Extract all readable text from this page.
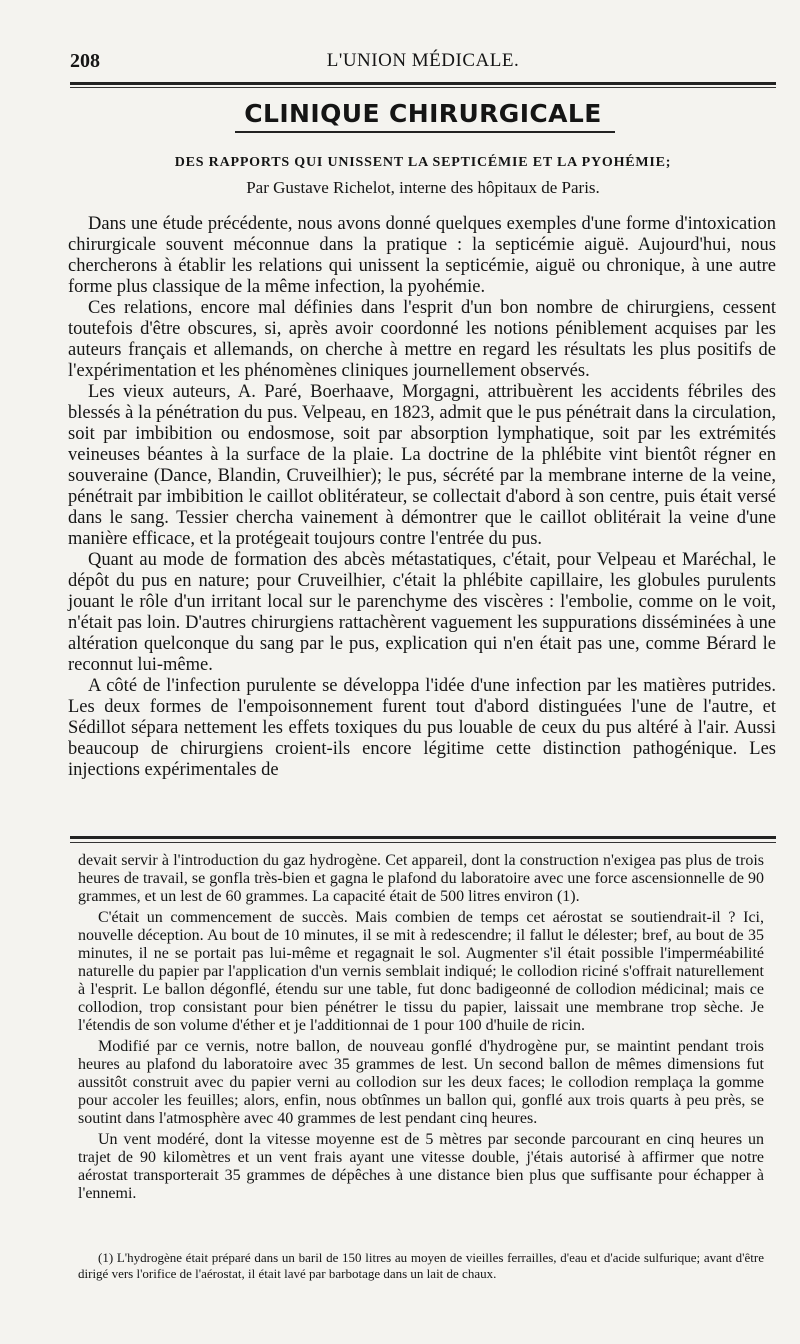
208	L'UNION MÉDICALE.
CLINIQUE CHIRURGICALE
DES RAPPORTS QUI UNISSENT LA SEPTICÉMIE ET LA PYOHÉMIE;
Par Gustave Richelot, interne des hôpitaux de Paris.

Dans une étude précédente, nous avons donné quelques exemples d'une forme d'intoxication chirurgicale souvent méconnue dans la pratique : la septicémie aiguë. Aujourd'hui, nous chercherons à établir les relations qui unissent la septicémie, aiguë ou chronique, à une autre forme plus classique de la même infection, la pyohémie.

Ces relations, encore mal définies dans l'esprit d'un bon nombre de chirurgiens, cessent toutefois d'être obscures, si, après avoir coordonné les notions péniblement acquises par les auteurs français et allemands, on cherche à mettre en regard les résultats les plus positifs de l'expérimentation et les phénomènes cliniques journellement observés.

Les vieux auteurs, A. Paré, Boerhaave, Morgagni, attribuèrent les accidents fébriles des blessés à la pénétration du pus. Velpeau, en 1823, admit que le pus pénétrait dans la circulation, soit par imbibition ou endosmose, soit par absorption lymphatique, soit par les extrémités veineuses béantes à la surface de la plaie. La doctrine de la phlébite vint bientôt régner en souveraine (Dance, Blandin, Cruveilhier); le pus, sécrété par la membrane interne de la veine, pénétrait par imbibition le caillot oblitérateur, se collectait d'abord à son centre, puis était versé dans le sang. Tessier chercha vainement à démontrer que le caillot oblitérait la veine d'une manière efficace, et la protégeait toujours contre l'entrée du pus.

Quant au mode de formation des abcès métastatiques, c'était, pour Velpeau et Maréchal, le dépôt du pus en nature; pour Cruveilhier, c'était la phlébite capillaire, les globules purulents jouant le rôle d'un irritant local sur le parenchyme des viscères : l'embolie, comme on le voit, n'était pas loin. D'autres chirurgiens rattachèrent vaguement les suppurations disséminées à une altération quelconque du sang par le pus, explication qui n'en était pas une, comme Bérard le reconnut lui-même.

A côté de l'infection purulente se développa l'idée d'une infection par les matières putrides. Les deux formes de l'empoisonnement furent tout d'abord distinguées l'une de l'autre, et Sédillot sépara nettement les effets toxiques du pus louable de ceux du pus altéré à l'air. Aussi beaucoup de chirurgiens croient-ils encore légitime cette distinction pathogénique. Les injections expérimentales de

devait servir à l'introduction du gaz hydrogène. Cet appareil, dont la construction n'exigea pas plus de trois heures de travail, se gonfla très-bien et gagna le plafond du laboratoire avec une force ascensionnelle de 90 grammes, et un lest de 60 grammes. La capacité était de 500 litres environ (1).

C'était un commencement de succès. Mais combien de temps cet aérostat se soutiendrait-il ? Ici, nouvelle déception. Au bout de 10 minutes, il se mit à redescendre; il fallut le délester; bref, au bout de 35 minutes, il ne se portait pas lui-même et regagnait le sol. Augmenter s'il était possible l'imperméabilité naturelle du papier par l'application d'un vernis semblait indiqué; le collodion riciné s'offrait naturellement à l'esprit. Le ballon dégonflé, étendu sur une table, fut donc badigeonné de collodion médicinal; mais ce collodion, trop consistant pour bien pénétrer le tissu du papier, laissait une membrane trop sèche. Je l'étendis de son volume d'éther et je l'additionnai de 1 pour 100 d'huile de ricin.

Modifié par ce vernis, notre ballon, de nouveau gonflé d'hydrogène pur, se maintint pendant trois heures au plafond du laboratoire avec 35 grammes de lest. Un second ballon de mêmes dimensions fut aussitôt construit avec du papier verni au collodion sur les deux faces; le collodion remplaça la gomme pour accoler les feuilles; alors, enfin, nous obtînmes un ballon qui, gonflé aux trois quarts à peu près, se soutint dans l'atmosphère avec 40 grammes de lest pendant cinq heures.

Un vent modéré, dont la vitesse moyenne est de 5 mètres par seconde parcourant en cinq heures un trajet de 90 kilomètres et un vent frais ayant une vitesse double, j'étais autorisé à affirmer que notre aérostat transporterait 35 grammes de dépêches à une distance bien plus que suffisante pour échapper à l'ennemi.

(1) L'hydrogène était préparé dans un baril de 150 litres au moyen de vieilles ferrailles, d'eau et d'acide sulfurique; avant d'être dirigé vers l'orifice de l'aérostat, il était lavé par barbotage dans un lait de chaux.
